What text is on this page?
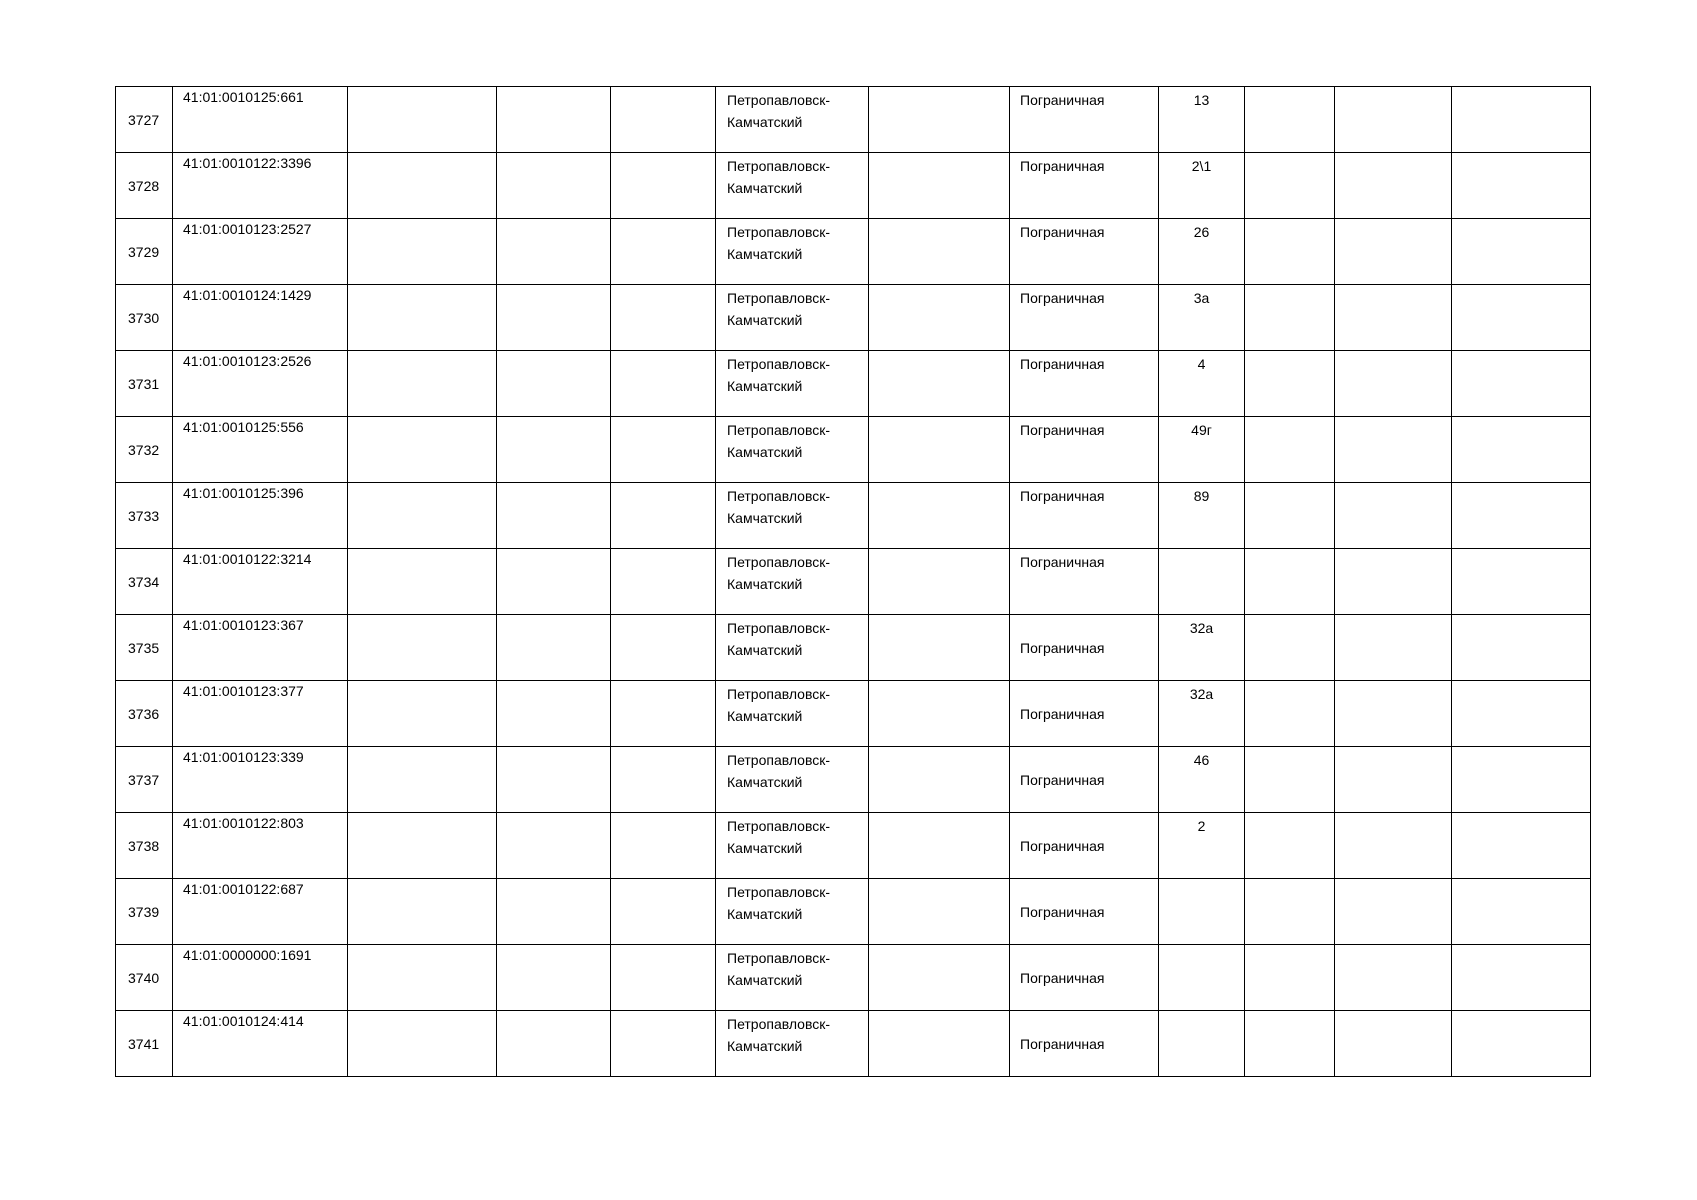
3727	41:01:0010125:661				Петропавловск-
Камчатский		Пограничная	13			
3728	41:01:0010122:3396				Петропавловск-
Камчатский		Пограничная	2\1			
3729	41:01:0010123:2527				Петропавловск-
Камчатский		Пограничная	26			
3730	41:01:0010124:1429				Петропавловск-
Камчатский		Пограничная	3а			
3731	41:01:0010123:2526				Петропавловск-
Камчатский		Пограничная	4			
3732	41:01:0010125:556				Петропавловск-
Камчатский		Пограничная	49г			
3733	41:01:0010125:396				Петропавловск-
Камчатский		Пограничная	89			
3734	41:01:0010122:3214				Петропавловск-
Камчатский		Пограничная				
3735	41:01:0010123:367				Петропавловск-
Камчатский		Пограничная	32а			
3736	41:01:0010123:377				Петропавловск-
Камчатский		Пограничная	32а			
3737	41:01:0010123:339				Петропавловск-
Камчатский		Пограничная	46			
3738	41:01:0010122:803				Петропавловск-
Камчатский		Пограничная	2			
3739	41:01:0010122:687				Петропавловск-
Камчатский		Пограничная				
3740	41:01:0000000:1691				Петропавловск-
Камчатский		Пограничная				
3741	41:01:0010124:414				Петропавловск-
Камчатский		Пограничная				
